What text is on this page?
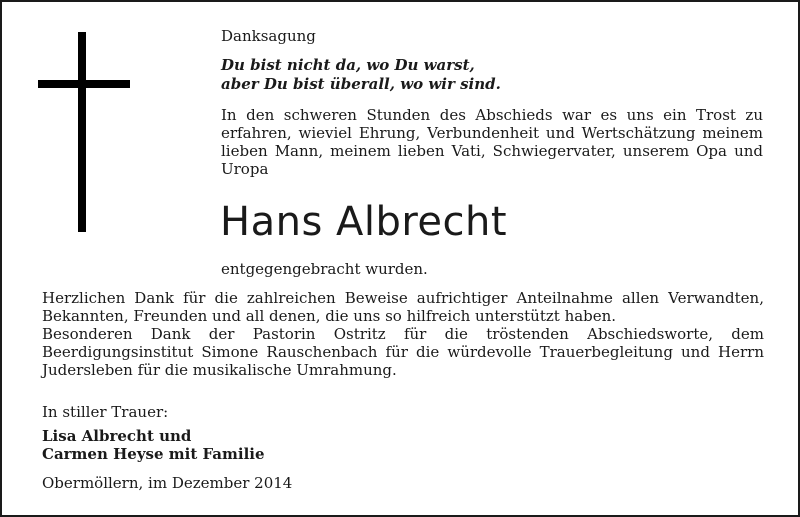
Danksagung
Du bist nicht da, wo Du warst,
aber Du bist überall, wo wir sind.
In den schweren Stunden des Abschieds war es uns ein Trost zu erfahren, wieviel Ehrung, Verbundenheit und Wertschätzung meinem lieben Mann, meinem lieben Vati, Schwiegervater, unserem Opa und Uropa
Hans Albrecht
entgegengebracht wurden.

Herzlichen Dank für die zahlreichen Beweise aufrichtiger Anteilnahme allen Verwandten, Bekannten, Freunden und all denen, die uns so hilfreich unterstützt haben.

Besonderen Dank der Pastorin Ostritz für die tröstenden Abschiedsworte, dem Beerdigungsinstitut Simone Rauschenbach für die würdevolle Trauerbegleitung und Herrn Judersleben für die musikalische Umrahmung.

In stiller Trauer:
Lisa Albrecht und
Carmen Heyse mit Familie
Obermöllern, im Dezember 2014
